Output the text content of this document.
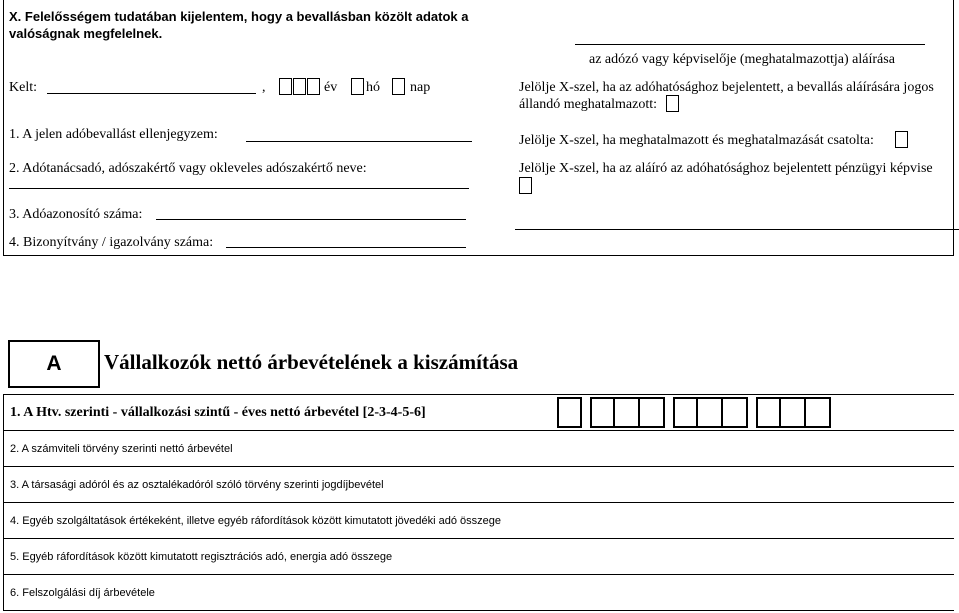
X. Felelősségem tudatában kijelentem, hogy a bevallásban közölt adatok a
valóságnak megfelelnek.
az adózó vagy képviselője (meghatalmazottja) aláírása
Kelt:	,	év hó nap	Jelölje X-szel, ha az adóhatósághoz bejelentett, a bevallás aláírására jogos
állandó meghatalmazott:
Jelölje X-szel, ha meghatalmazott és meghatalmazását csatolta:
Jelölje X-szel, ha az aláíró az adóhatósághoz bejelentett pénzügyi képvise
1. A jelen adóbevallást ellenjegyzem:
2. Adótanácsadó, adószakértő vagy okleveles adószakértő neve:
3. Adóazonosító száma:
4. Bizonyítvány / igazolvány száma:
A Vállalkozók nettó árbevételének a kiszámítása
1. A Htv. szerinti - vállalkozási szintű - éves nettó árbevétel [2-3-4-5-6]
2. A számviteli törvény szerinti nettó árbevétel
3. A társasági adóról és az osztalékadóról szóló törvény szerinti jogdíjbevétel
4. Egyéb szolgáltatások értékeként, illetve egyéb ráfordítások között kimutatott jövedéki adó összege
5. Egyéb ráfordítások között kimutatott regisztrációs adó, energia adó összege
6. Felszolgálási díj árbevétele
